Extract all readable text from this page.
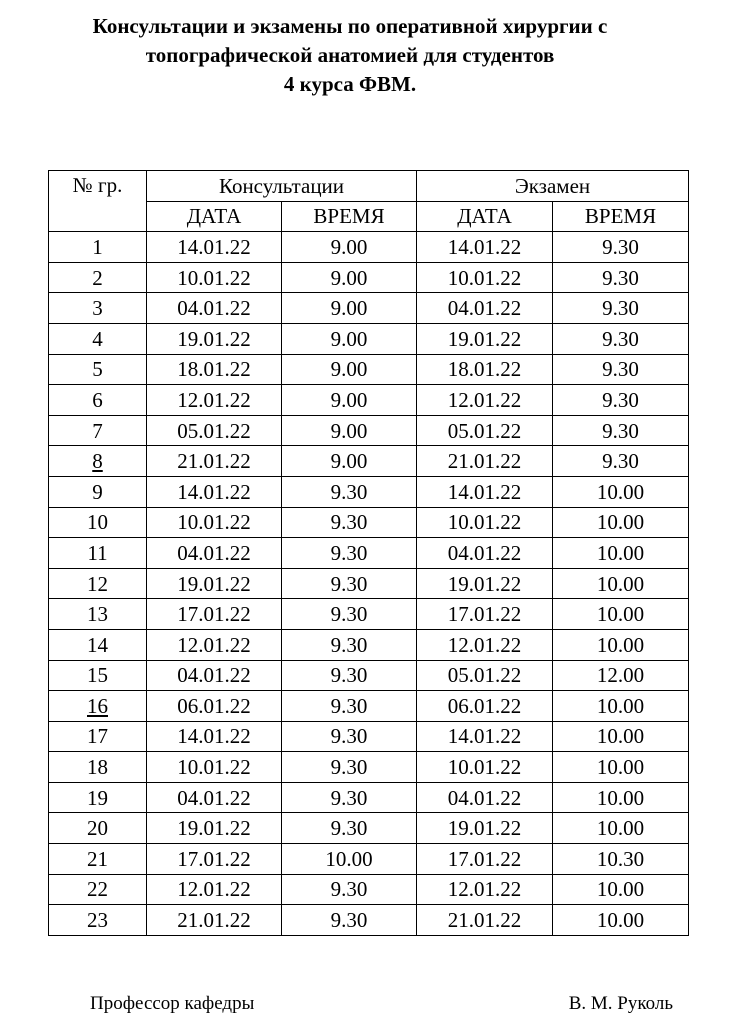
Консультации и экзамены по оперативной хирургии с
топографической анатомией для студентов
4 курса ФВМ.
№ гр.	Консультации		Экзамен	
	ДАТА	ВРЕМЯ	ДАТА	ВРЕМЯ
1	14.01.22	9.00	14.01.22	9.30
2	10.01.22	9.00	10.01.22	9.30
3	04.01.22	9.00	04.01.22	9.30
4	19.01.22	9.00	19.01.22	9.30
5	18.01.22	9.00	18.01.22	9.30
6	12.01.22	9.00	12.01.22	9.30
7	05.01.22	9.00	05.01.22	9.30
8	21.01.22	9.00	21.01.22	9.30
9	14.01.22	9.30	14.01.22	10.00
10	10.01.22	9.30	10.01.22	10.00
11	04.01.22	9.30	04.01.22	10.00
12	19.01.22	9.30	19.01.22	10.00
13	17.01.22	9.30	17.01.22	10.00
14	12.01.22	9.30	12.01.22	10.00
15	04.01.22	9.30	05.01.22	12.00
16	06.01.22	9.30	06.01.22	10.00
17	14.01.22	9.30	14.01.22	10.00
18	10.01.22	9.30	10.01.22	10.00
19	04.01.22	9.30	04.01.22	10.00
20	19.01.22	9.30	19.01.22	10.00
21	17.01.22	10.00	17.01.22	10.30
22	12.01.22	9.30	12.01.22	10.00
23	21.01.22	9.30	21.01.22	10.00
Профессор кафедры	В. М. Руколь
